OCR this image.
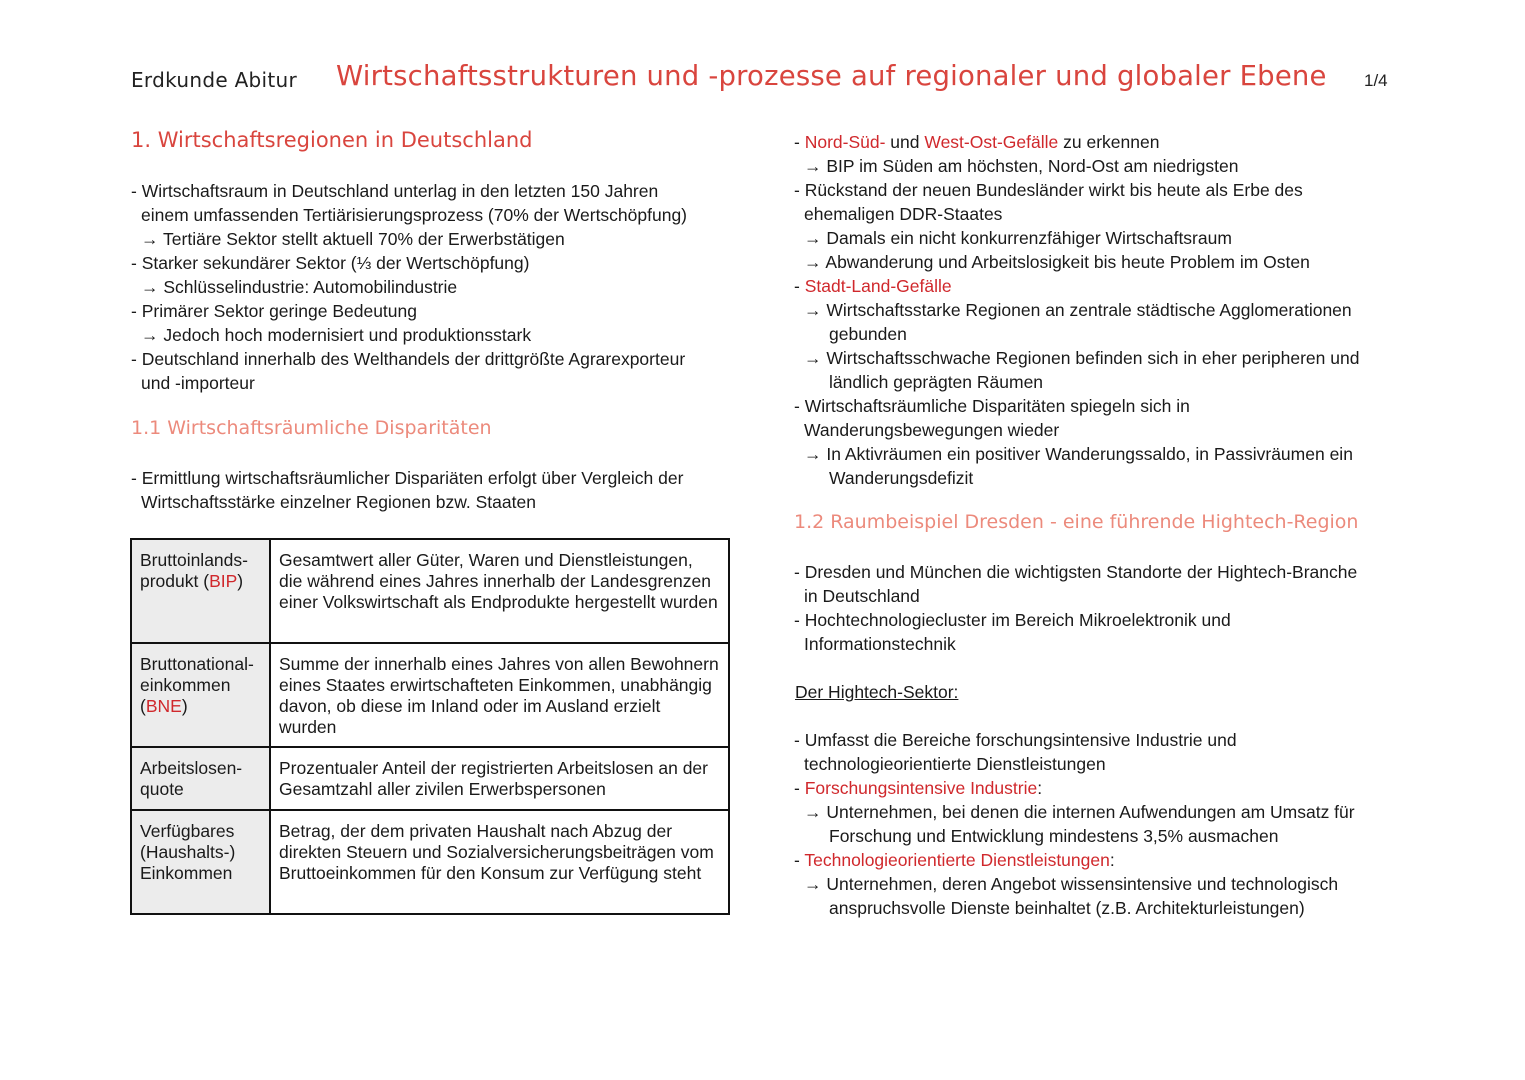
Erdkunde Abitur Wirtschaftsstrukturen und -prozesse auf regionaler und globaler Ebene 1/4
1. Wirtschaftsregionen in Deutschland
- Wirtschaftsraum in Deutschland unterlag in den letzten 150 Jahren
einem umfassenden Tertiärisierungsprozess (70% der Wertschöpfung)
→ Tertiäre Sektor stellt aktuell 70% der Erwerbstätigen
- Starker sekundärer Sektor (⅓ der Wertschöpfung)
→ Schlüsselindustrie: Automobilindustrie
- Primärer Sektor geringe Bedeutung
→ Jedoch hoch modernisiert und produktionsstark
- Deutschland innerhalb des Welthandels der drittgrößte Agrarexporteur
und -importeur
1.1 Wirtschaftsräumliche Disparitäten
- Ermittlung wirtschaftsräumlicher Dispariäten erfolgt über Vergleich der
Wirtschaftsstärke einzelner Regionen bzw. Staaten
Bruttoinlands-
produkt (BIP)	Gesamtwert aller Güter, Waren und Dienstleistungen, die während eines Jahres innerhalb der Landesgrenzen einer Volkswirtschaft als Endprodukte hergestellt wurden
Bruttonational-
einkommen
(BNE)	Summe der innerhalb eines Jahres von allen Bewohnern eines Staates erwirtschafteten Einkommen, unabhängig davon, ob diese im Inland oder im Ausland erzielt wurden
Arbeitslosen-
quote	Prozentualer Anteil der registrierten Arbeitslosen an der Gesamtzahl aller zivilen Erwerbspersonen
Verfügbares
(Haushalts-)
Einkommen	Betrag, der dem privaten Haushalt nach Abzug der direkten Steuern und Sozialversicherungsbeiträgen vom Bruttoeinkommen für den Konsum zur Verfügung steht
- Nord-Süd- und West-Ost-Gefälle zu erkennen
→ BIP im Süden am höchsten, Nord-Ost am niedrigsten
- Rückstand der neuen Bundesländer wirkt bis heute als Erbe des
ehemaligen DDR-Staates
→ Damals ein nicht konkurrenzfähiger Wirtschaftsraum
→ Abwanderung und Arbeitslosigkeit bis heute Problem im Osten
- Stadt-Land-Gefälle
→ Wirtschaftsstarke Regionen an zentrale städtische Agglomerationen
gebunden
→ Wirtschaftsschwache Regionen befinden sich in eher peripheren und
ländlich geprägten Räumen
- Wirtschaftsräumliche Disparitäten spiegeln sich in
Wanderungsbewegungen wieder
→ In Aktivräumen ein positiver Wanderungssaldo, in Passivräumen ein
Wanderungsdefizit
1.2 Raumbeispiel Dresden - eine führende Hightech-Region
- Dresden und München die wichtigsten Standorte der Hightech-Branche
in Deutschland
- Hochtechnologiecluster im Bereich Mikroelektronik und
Informationstechnik
Der Hightech-Sektor:
- Umfasst die Bereiche forschungsintensive Industrie und
technologieorientierte Dienstleistungen
- Forschungsintensive Industrie:
→ Unternehmen, bei denen die internen Aufwendungen am Umsatz für
Forschung und Entwicklung mindestens 3,5% ausmachen
- Technologieorientierte Dienstleistungen:
→ Unternehmen, deren Angebot wissensintensive und technologisch
anspruchsvolle Dienste beinhaltet (z.B. Architekturleistungen)
